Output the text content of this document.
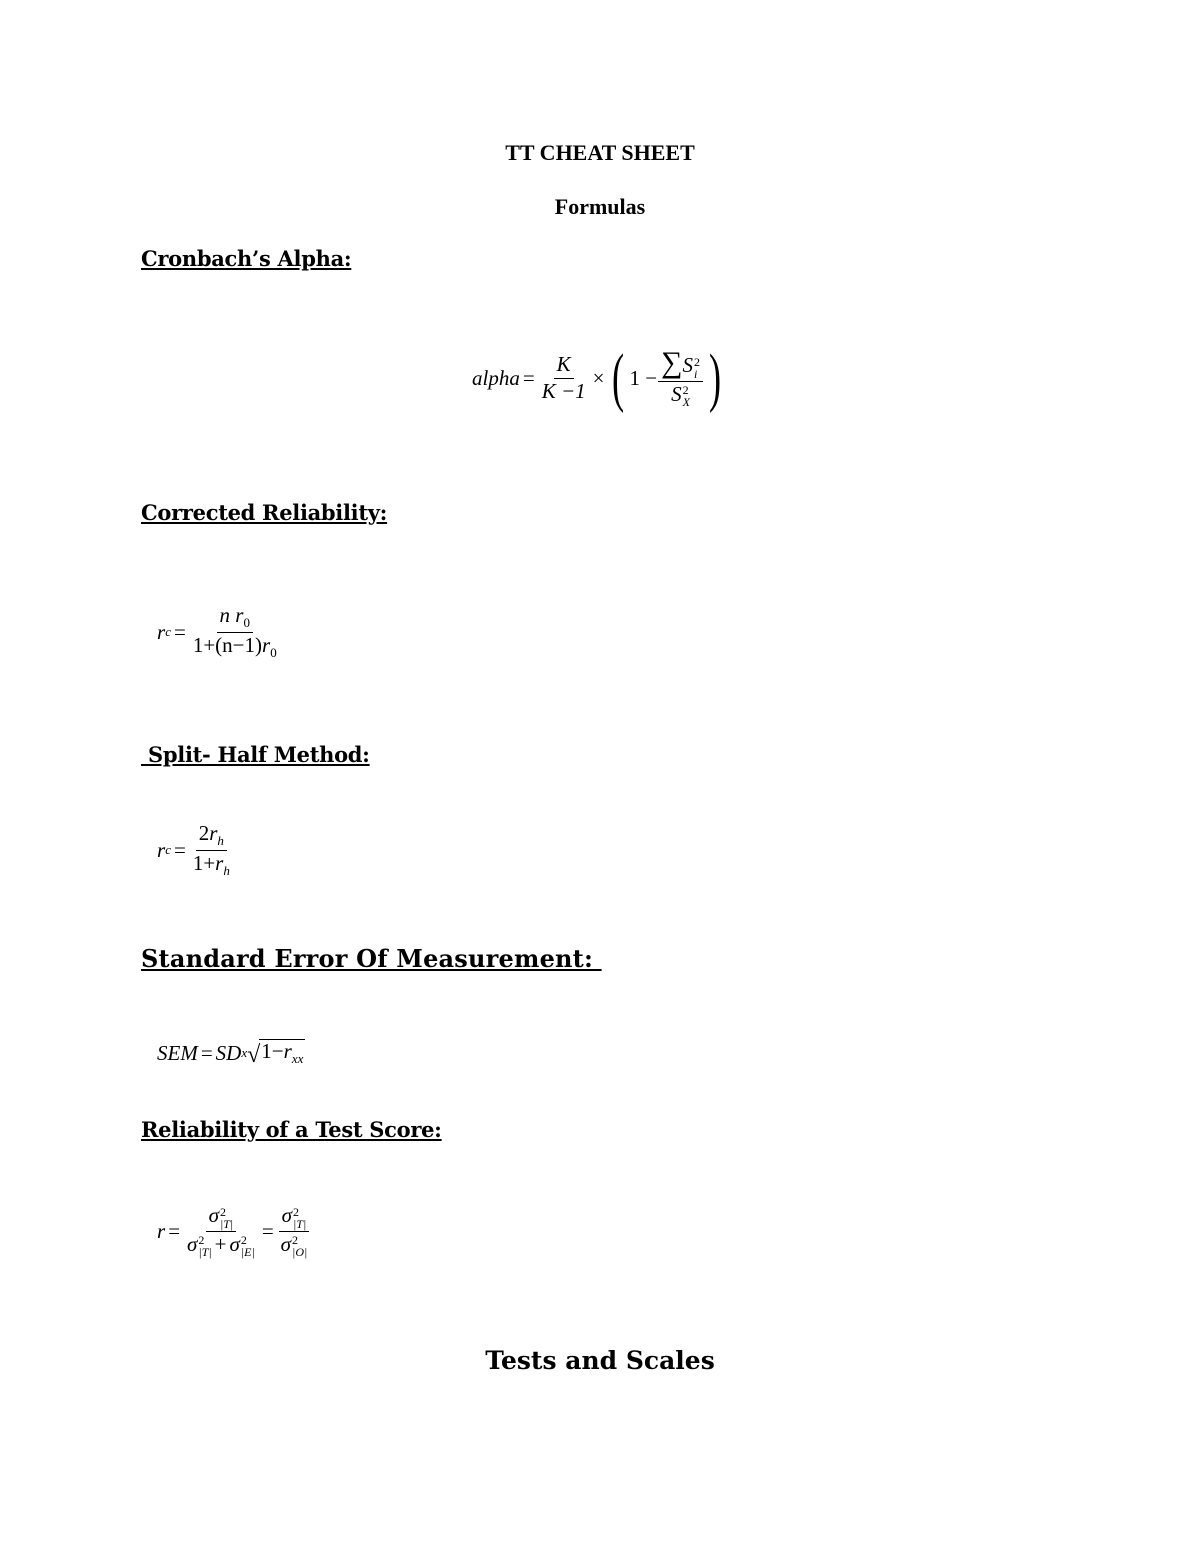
TT CHEAT SHEET
Formulas
Cronbach’s Alpha:
alpha = $\frac{K}{K -1}$ × ( 1 − ∑S 2
i
S 2
X )
Corrected Reliability:
r $c = \frac{n r_0}{1+(n-1)r_0}$
Split- Half Method:
r $c = \frac{2r_h}{1+r_h}$
Standard Error Of Measurement:
SEM = SD x √ $1-r_{xx}$
Reliability of a Test Score:
r = σ 2
|T|
σ 2
|T| + σ 2
|E| = σ 2
|T|
σ 2
|O|
Tests and Scales
